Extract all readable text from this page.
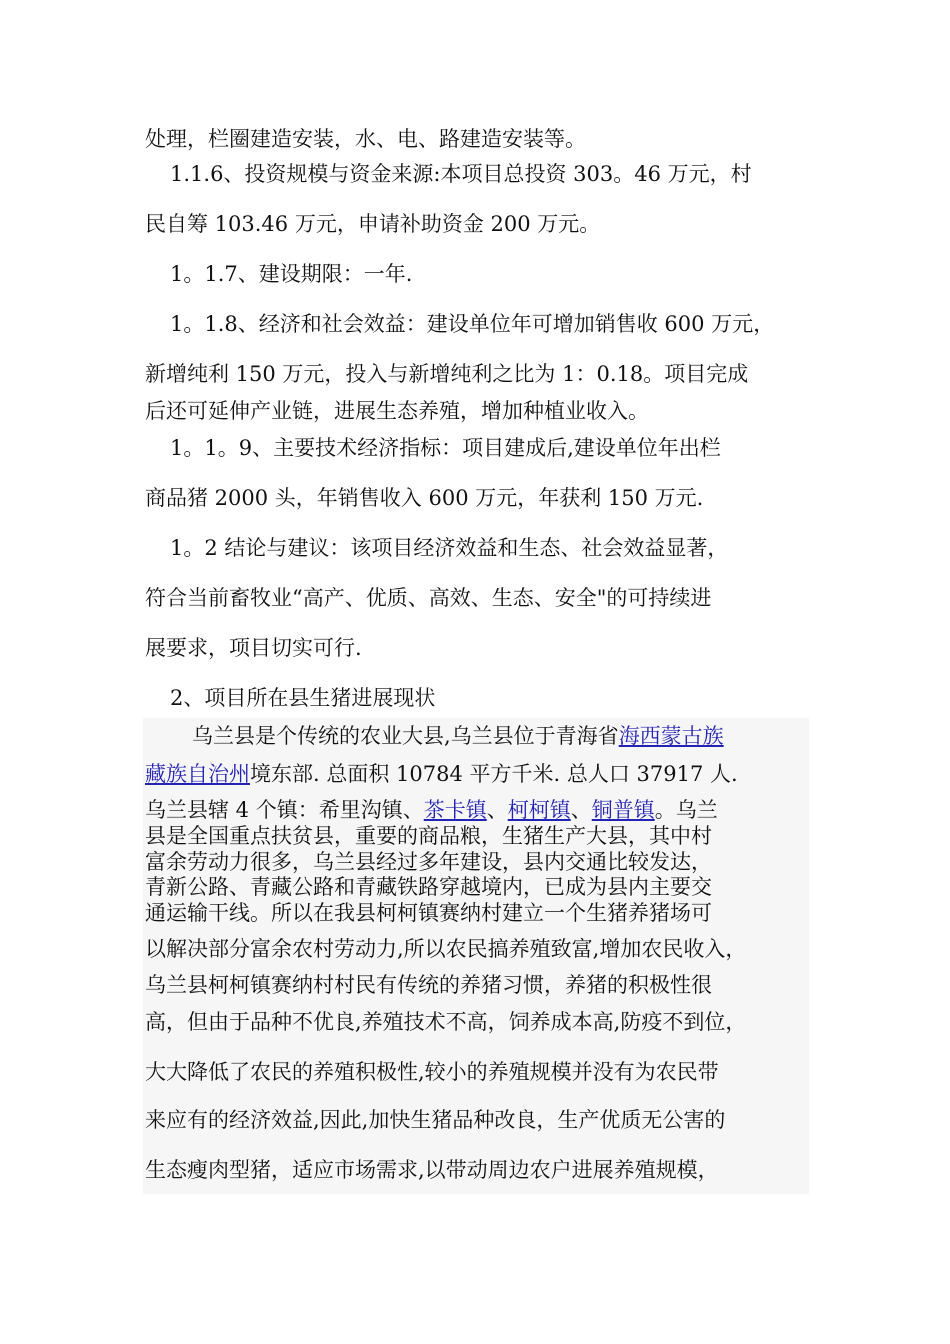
处理，栏圈建造安装，水、电、路建造安装等。
1.1.6、投资规模与资金来源:本项目总投资 303。46 万元，村
民自筹 103.46 万元，申请补助资金 200 万元。
1。1.7、建设期限：一年.
1。1.8、经济和社会效益：建设单位年可增加销售收 600 万元，
新增纯利 150 万元，投入与新增纯利之比为 1：0.18。项目完成
后还可延伸产业链，进展生态养殖，增加种植业收入。
1。1。9、主要技术经济指标：项目建成后,建设单位年出栏
商品猪 2000 头，年销售收入 600 万元，年获利 150 万元.
1。2 结论与建议：该项目经济效益和生态、社会效益显著，
符合当前畜牧业“高产、优质、高效、生态、安全"的可持续进
展要求，项目切实可行.
2、项目所在县生猪进展现状
乌兰县是个传统的农业大县,乌兰县位于青海省海西蒙古族
藏族自治州境东部. 总面积 10784 平方千米. 总人口 37917 人.
乌兰县辖 4 个镇：希里沟镇、茶卡镇、柯柯镇、铜普镇。乌兰
县是全国重点扶贫县，重要的商品粮，生猪生产大县，其中村
富余劳动力很多，乌兰县经过多年建设，县内交通比较发达，
青新公路、青藏公路和青藏铁路穿越境内，已成为县内主要交
通运输干线。所以在我县柯柯镇赛纳村建立一个生猪养猪场可
以解决部分富余农村劳动力,所以农民搞养殖致富,增加农民收入，
乌兰县柯柯镇赛纳村村民有传统的养猪习惯，养猪的积极性很
高，但由于品种不优良,养殖技术不高，饲养成本高,防疫不到位，
大大降低了农民的养殖积极性,较小的养殖规模并没有为农民带
来应有的经济效益,因此,加快生猪品种改良，生产优质无公害的
生态瘦肉型猪，适应市场需求,以带动周边农户进展养殖规模，
